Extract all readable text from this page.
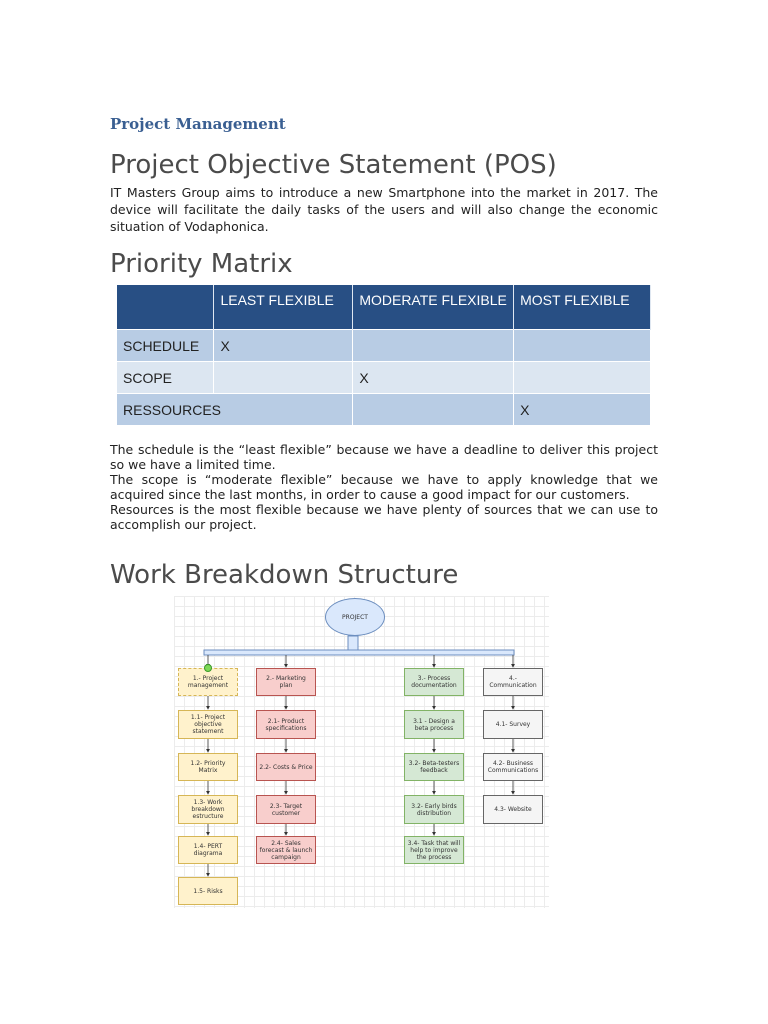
Project Management
Project Objective Statement (POS)

IT Masters Group aims to introduce a new Smartphone into the market in 2017. The device will facilitate the daily tasks of the users and will also change the economic situation of Vodaphonica.

Priority Matrix
	LEAST FLEXIBLE	MODERATE FLEXIBLE	MOST FLEXIBLE
SCHEDULE	X		
SCOPE		X	
RESSOURCES			X

The schedule is the “least flexible” because we have a deadline to deliver this project so we have a limited time.

The scope is “moderate flexible” because we have to apply knowledge that we acquired since the last months, in order to cause a good impact for our customers.

Resources is the most flexible because we have plenty of sources that we can use to accomplish our project.

Work Breakdown Structure
PROJECT
1.- Project management
1.1- Project objective statement
1.2- Priority Matrix
1.3- Work breakdown estructure
1.4- PERT diagrama
1.5- Risks
2.- Marketing plan
2.1- Product specifications
2.2- Costs & Price
2.3- Target customer
2.4- Sales forecast & launch campaign
3.- Process documentation
3.1 - Design a beta process
3.2- Beta-testers feedback
3.2- Early birds distribution
3.4- Task that will help to improve the process
4.- Communication
4.1- Survey
4.2- Business Communications
4.3- Website
